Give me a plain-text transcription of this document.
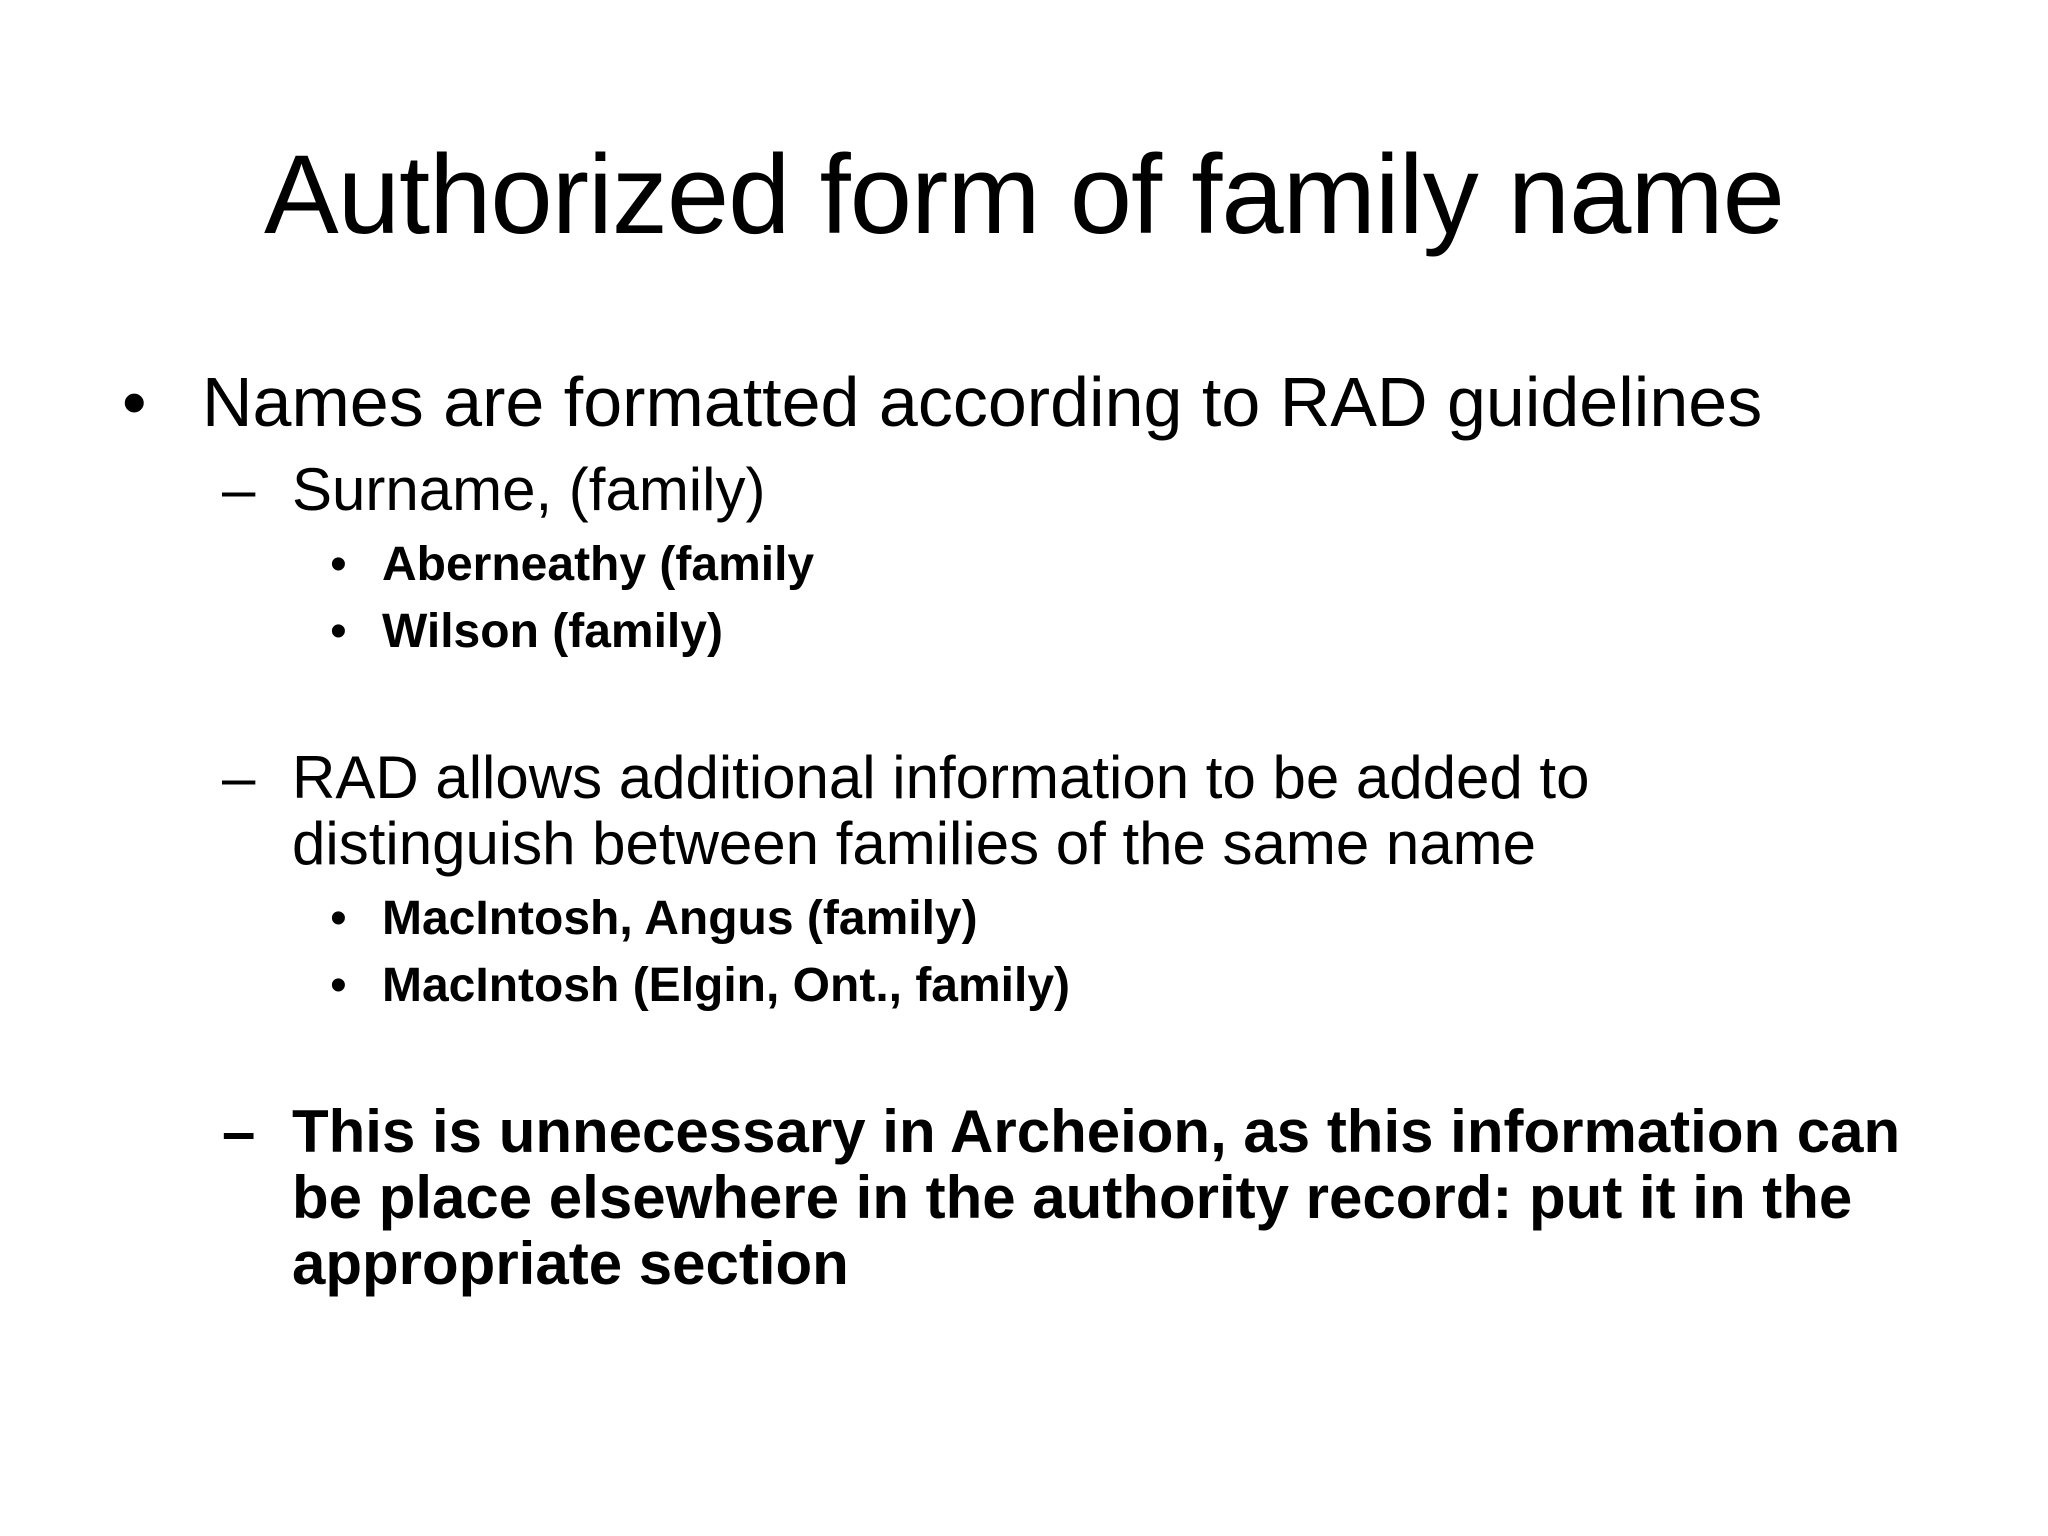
Authorized form of family name
• Names are formatted according to RAD guidelines
– Surname, (family)
• Aberneathy (family
• Wilson (family)
– RAD allows additional information to be added to
distinguish between families of the same name
• MacIntosh, Angus (family)
• MacIntosh (Elgin, Ont., family)
– This is unnecessary in Archeion, as this information can
be place elsewhere in the authority record: put it in the
appropriate section
